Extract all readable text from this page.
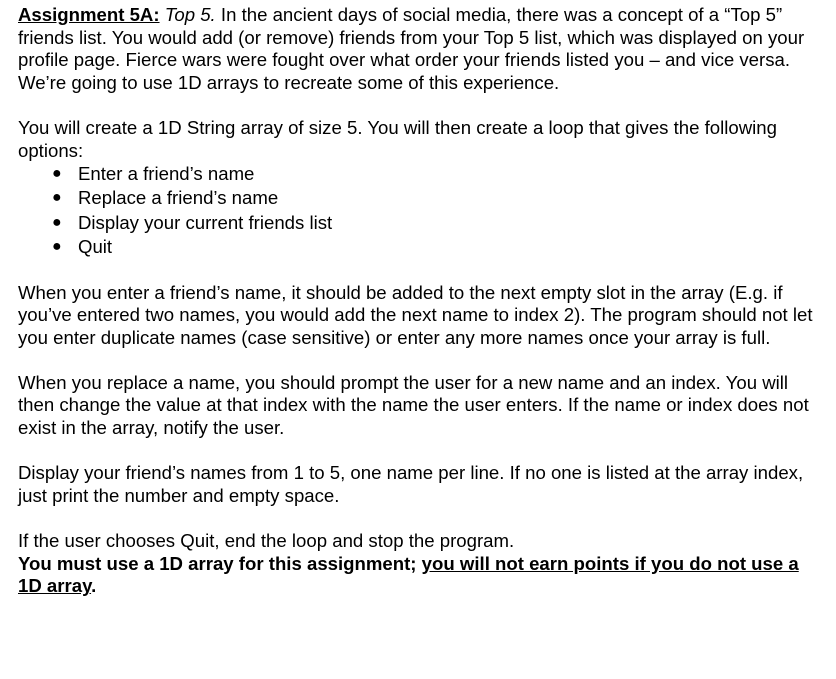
Assignment 5A: Top 5. In the ancient days of social media, there was a concept of a “Top 5” friends list. You would add (or remove) friends from your Top 5 list, which was displayed on your profile page. Fierce wars were fought over what order your friends listed you – and vice versa. We’re going to use 1D arrays to recreate some of this experience.

You will create a 1D String array of size 5. You will then create a loop that gives the following options:

● Enter a friend’s name
● Replace a friend’s name
● Display your current friends list
● Quit

When you enter a friend’s name, it should be added to the next empty slot in the array (E.g. if you’ve entered two names, you would add the next name to index 2). The program should not let you enter duplicate names (case sensitive) or enter any more names once your array is full.

When you replace a name, you should prompt the user for a new name and an index. You will then change the value at that index with the name the user enters. If the name or index does not exist in the array, notify the user.

Display your friend’s names from 1 to 5, one name per line. If no one is listed at the array index, just print the number and empty space.

If the user chooses Quit, end the loop and stop the program.
You must use a 1D array for this assignment; you will not earn points if you do not use a 1D array.
